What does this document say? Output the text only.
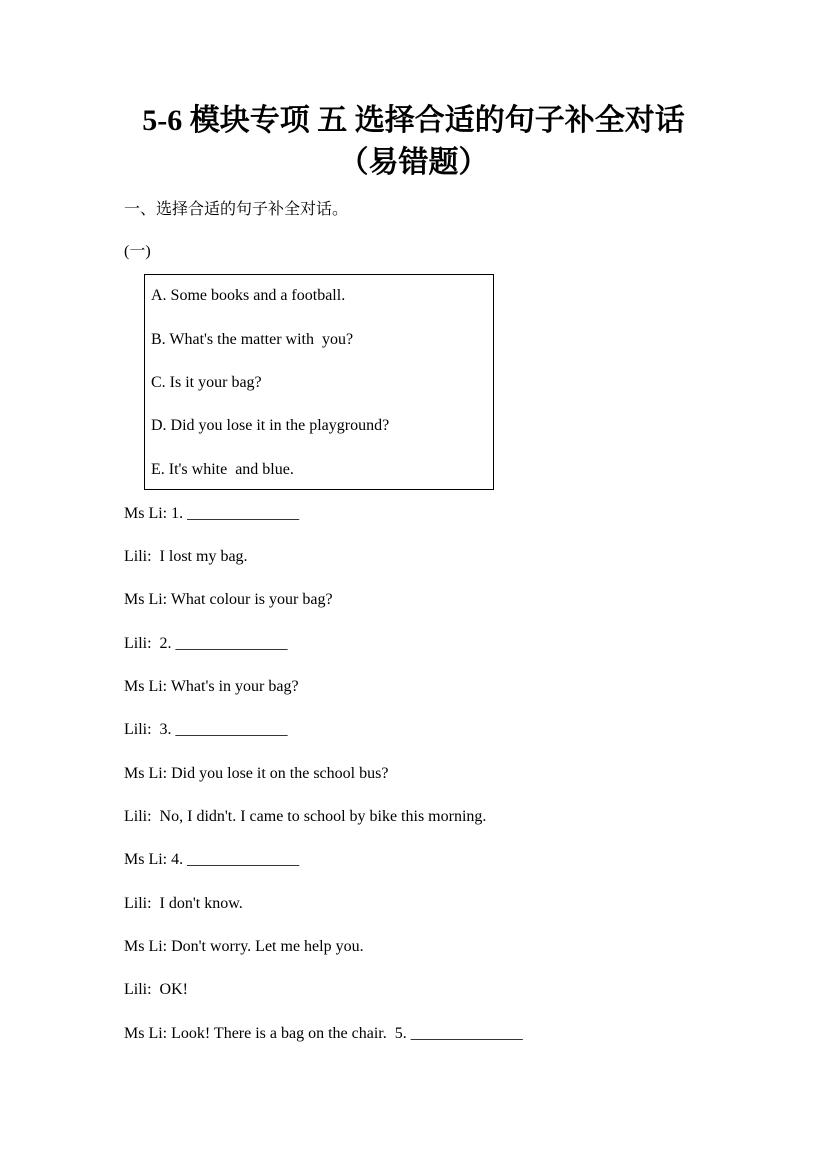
5-6 模块专项 五 选择合适的句子补全对话
（易错题）
一、选择合适的句子补全对话。
(一)
A. Some books and a football.
B. What's the matter with  you?
C. Is it your bag?
D. Did you lose it in the playground?
E. It's white  and blue.
Ms Li: 1. ______________
Lili:  I lost my bag.
Ms Li: What colour is your bag?
Lili:  2. ______________
Ms Li: What's in your bag?
Lili:  3. ______________
Ms Li: Did you lose it on the school bus?
Lili:  No, I didn't. I came to school by bike this morning.
Ms Li: 4. ______________
Lili:  I don't know.
Ms Li: Don't worry. Let me help you.
Lili:  OK!
Ms Li: Look! There is a bag on the chair.  5. ______________
